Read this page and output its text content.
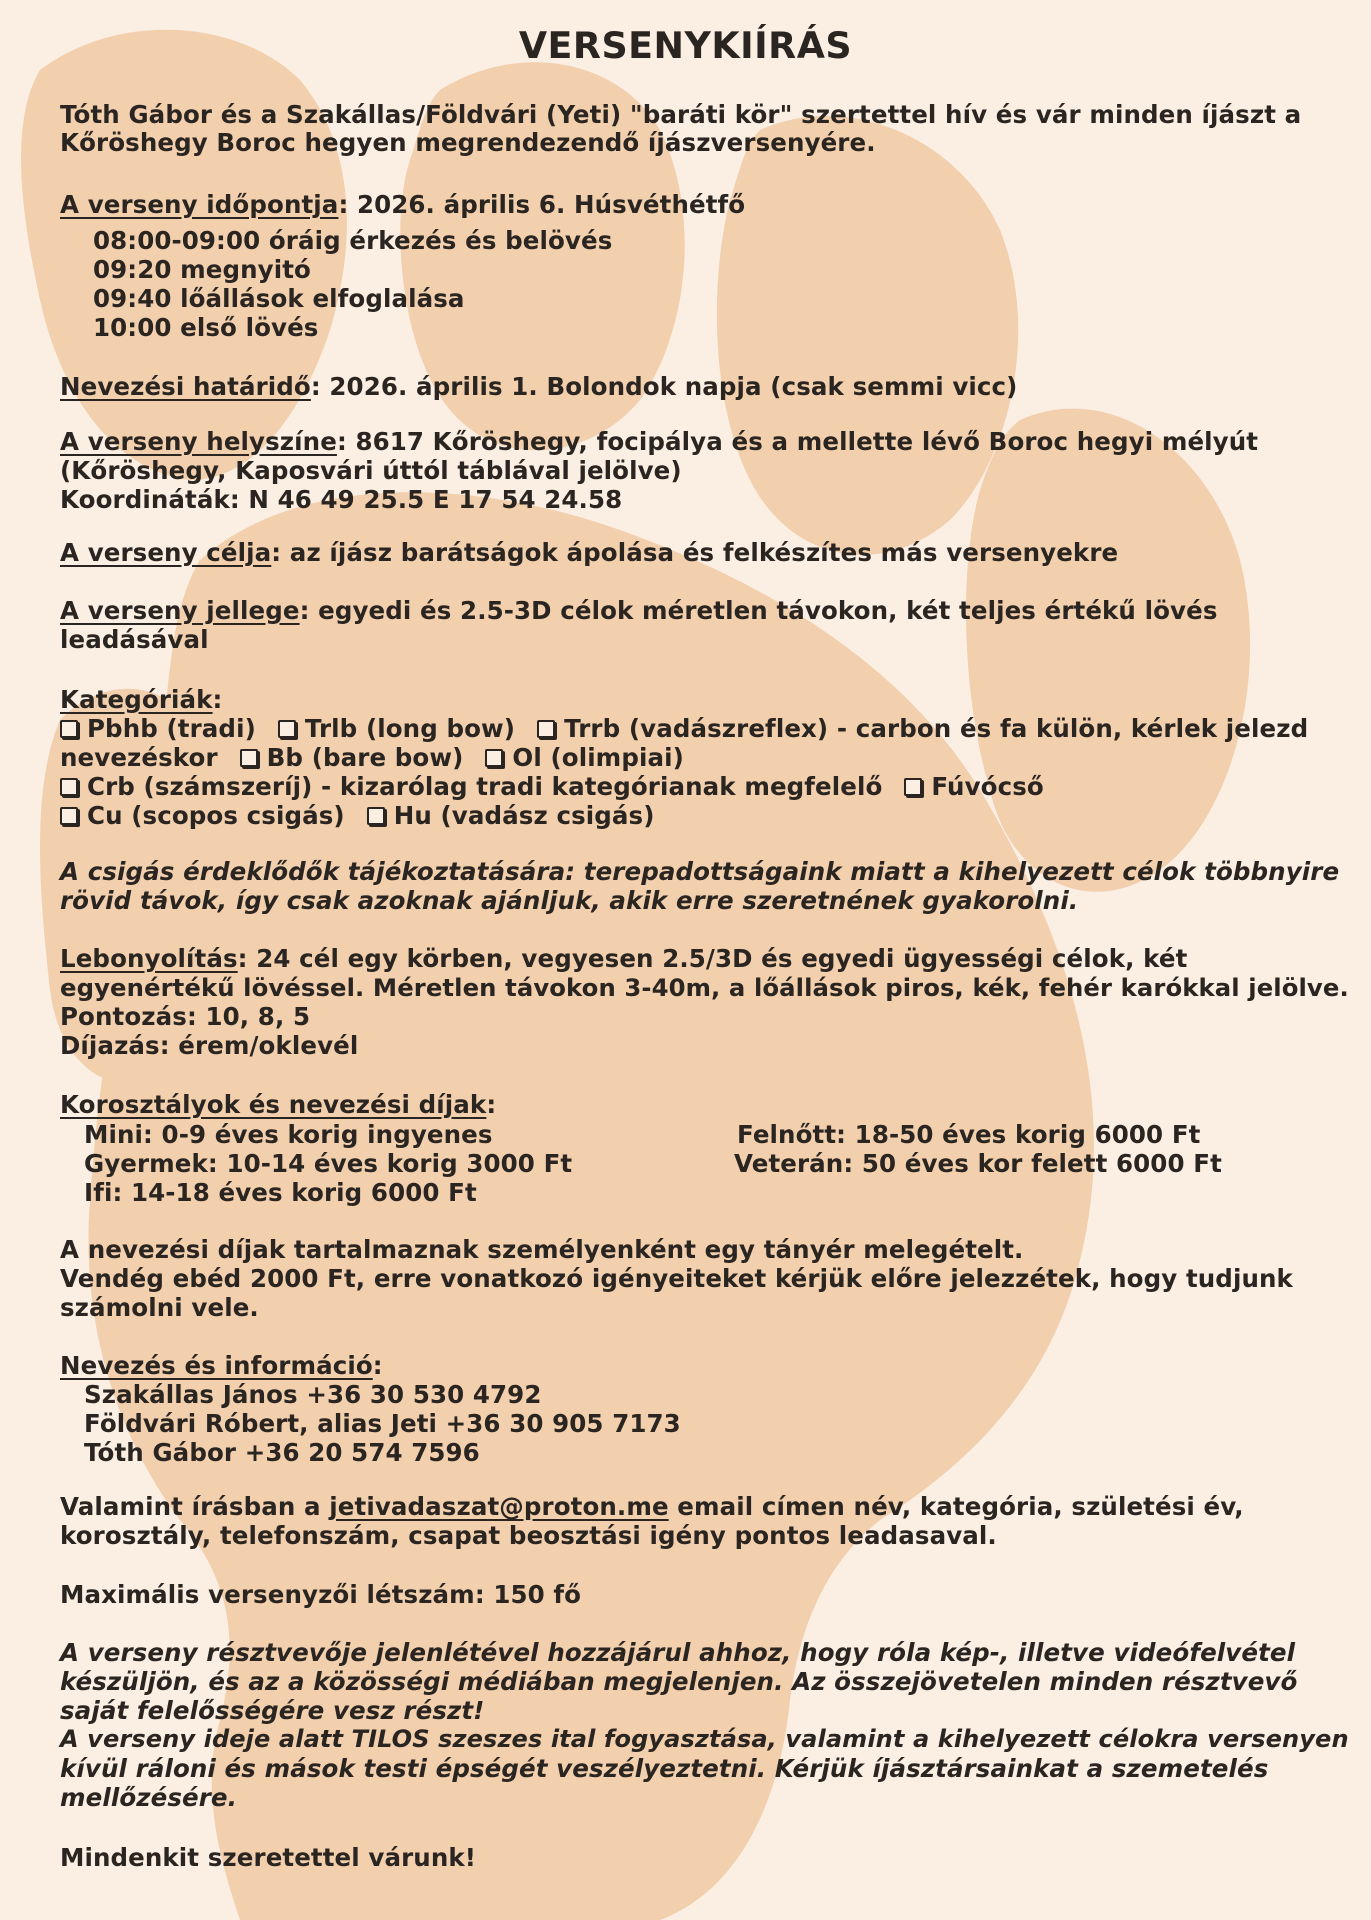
VERSENYKIÍRÁS
Tóth Gábor és a Szakállas/Földvári (Yeti) "baráti kör" szertettel hív és vár minden íjászt a
Kőröshegy Boroc hegyen megrendezendő íjászversenyére.
A verseny időpontja: 2026. április 6. Húsvéthétfő
08:00-09:00 óráig érkezés és belövés
09:20 megnyitó
09:40 lőállások elfoglalása
10:00 első lövés
Nevezési határidő: 2026. április 1. Bolondok napja (csak semmi vicc)
A verseny helyszíne: 8617 Kőröshegy, focipálya és a mellette lévő Boroc hegyi mélyút
(Kőröshegy, Kaposvári úttól táblával jelölve)
Koordináták: N 46 49 25.5 E 17 54 24.58
A verseny célja: az íjász barátságok ápolása és felkészítes más versenyekre
A verseny jellege: egyedi és 2.5-3D célok méretlen távokon, két teljes értékű lövés
leadásával
Kategóriák:
Pbhb (tradi) Trlb (long bow) Trrb (vadászreflex) - carbon és fa külön, kérlek jelezd
nevezéskor Bb (bare bow) Ol (olimpiai)
Crb (számszeríj) - kizarólag tradi kategórianak megfelelő Fúvócső
Cu (scopos csigás) Hu (vadász csigás)
A csigás érdeklődők tájékoztatására: terepadottságaink miatt a kihelyezett célok többnyire
rövid távok, így csak azoknak ajánljuk, akik erre szeretnének gyakorolni.
Lebonyolítás: 24 cél egy körben, vegyesen 2.5/3D és egyedi ügyességi célok, két
egyenértékű lövéssel. Méretlen távokon 3-40m, a lőállások piros, kék, fehér karókkal jelölve.
Pontozás: 10, 8, 5
Díjazás: érem/oklevél
Korosztályok és nevezési díjak:
Mini: 0-9 éves korig ingyenes
Gyermek: 10-14 éves korig 3000 Ft
Ifi: 14-18 éves korig 6000 Ft
Felnőtt: 18-50 éves korig 6000 Ft
Veterán: 50 éves kor felett 6000 Ft
A nevezési díjak tartalmaznak személyenként egy tányér melegételt.
Vendég ebéd 2000 Ft, erre vonatkozó igényeiteket kérjük előre jelezzétek, hogy tudjunk
számolni vele.
Nevezés és információ:
Szakállas János +36 30 530 4792
Földvári Róbert, alias Jeti +36 30 905 7173
Tóth Gábor +36 20 574 7596
Valamint írásban a jetivadaszat@proton.me email címen név, kategória, születési év,
korosztály, telefonszám, csapat beosztási igény pontos leadasaval.
Maximális versenyzői létszám: 150 fő
A verseny résztvevője jelenlétével hozzájárul ahhoz, hogy róla kép-, illetve videófelvétel
készüljön, és az a közösségi médiában megjelenjen. Az összejövetelen minden résztvevő
saját felelősségére vesz részt!
A verseny ideje alatt TILOS szeszes ital fogyasztása, valamint a kihelyezett célokra versenyen
kívül ráloni és mások testi épségét veszélyeztetni. Kérjük íjásztársainkat a szemetelés
mellőzésére.
Mindenkit szeretettel várunk!
